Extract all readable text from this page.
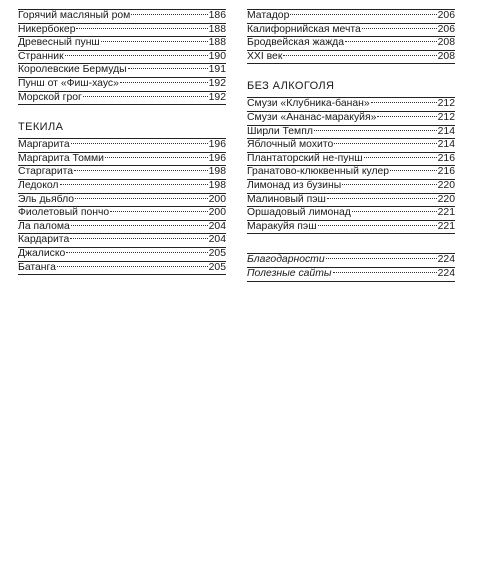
Горячий масляный ром	186
Никербокер	188
Древесный пунш	188
Странник	190
Королевские Бермуды	191
Пунш от «Фиш-хаус»	192
Морской грог	192
ТЕКИЛА
Маргарита	196
Маргарита Томми	196
Старгарита	198
Ледокол	198
Эль дьябло	200
Фиолетовый пончо	200
Ла палома	204
Кардарита	204
Джалиско	205
Батанга	205
Матадор	206
Калифорнийская мечта	206
Бродвейская жажда	208
XXI век	208
БЕЗ АЛКОГОЛЯ
Смузи «Клубника-банан»	212
Смузи «Ананас-маракуйя»	212
Ширли Темпл	214
Яблочный мохито	214
Плантаторский не-пунш	216
Гранатово-клюквенный кулер	216
Лимонад из бузины	220
Малиновый пэш	220
Оршадовый лимонад	221
Маракуйя пэш	221
Благодарности	224
Полезные сайты	224
